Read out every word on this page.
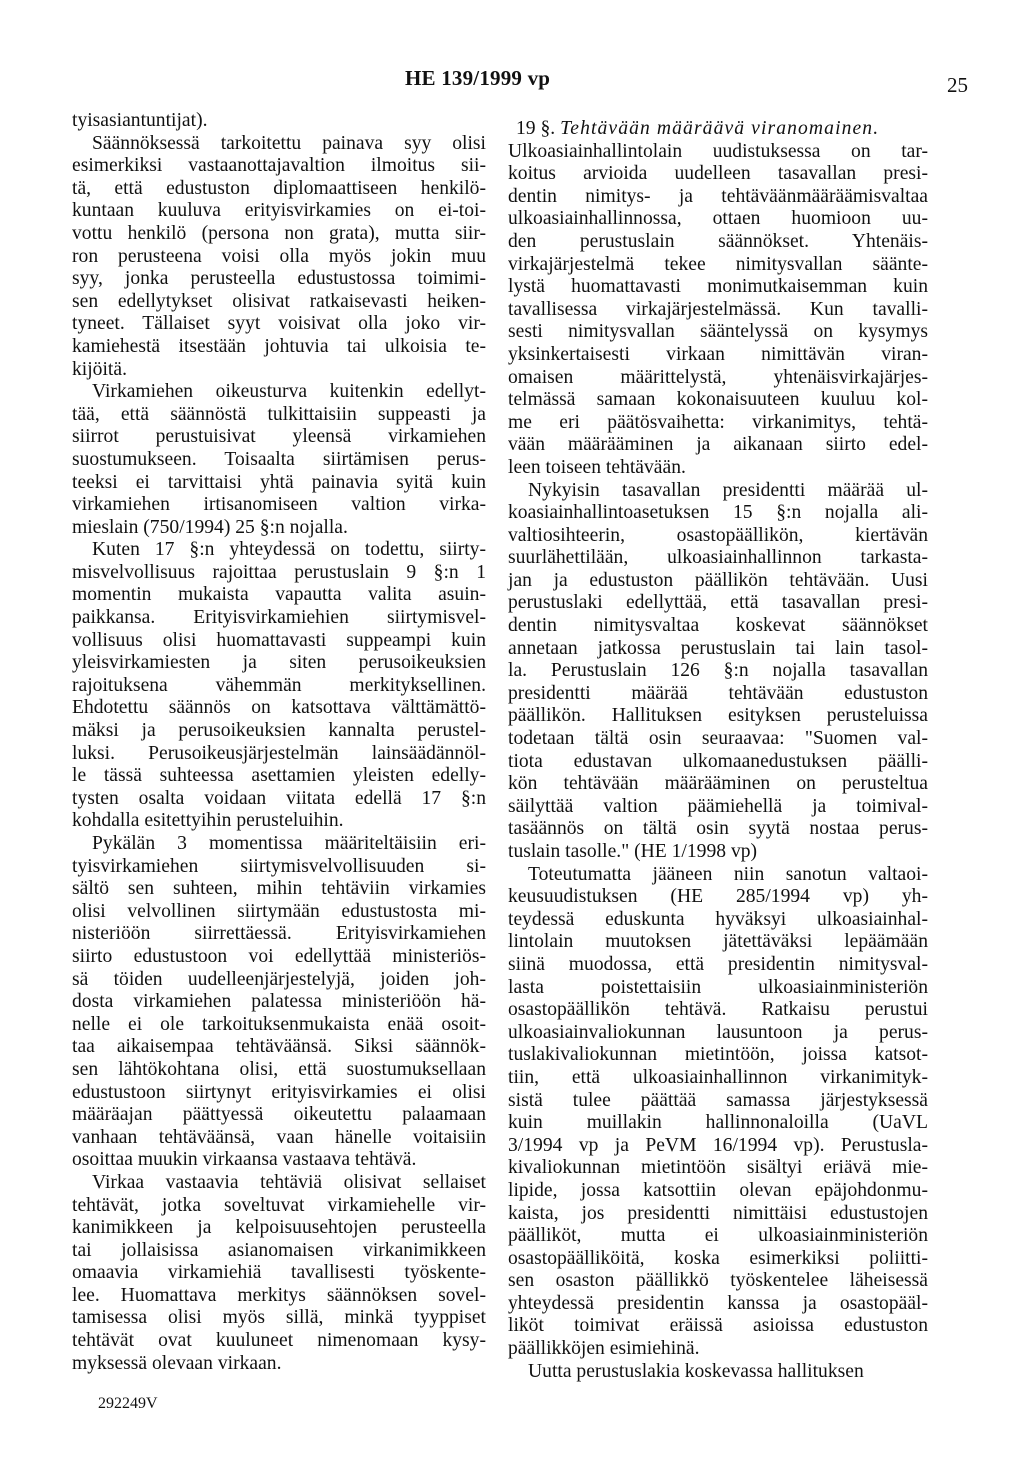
HE 139/1999 vp	25
tyisasiantuntijat).
Säännöksessä tarkoitettu painava syy olisi
esimerkiksi vastaanottajavaltion ilmoitus sii-
tä, että edustuston diplomaattiseen henkilö-
kuntaan kuuluva erityisvirkamies on ei-toi-
vottu henkilö (persona non grata), mutta siir-
ron perusteena voisi olla myös jokin muu
syy, jonka perusteella edustustossa toimimi-
sen edellytykset olisivat ratkaisevasti heiken-
tyneet. Tällaiset syyt voisivat olla joko vir-
kamiehestä itsestään johtuvia tai ulkoisia te-
kijöitä.
Virkamiehen oikeusturva kuitenkin edellyt-
tää, että säännöstä tulkittaisiin suppeasti ja
siirrot perustuisivat yleensä virkamiehen
suostumukseen. Toisaalta siirtämisen perus-
teeksi ei tarvittaisi yhtä painavia syitä kuin
virkamiehen irtisanomiseen valtion virka-
mieslain (750/1994) 25 §:n nojalla.
Kuten 17 §:n yhteydessä on todettu, siirty-
misvelvollisuus rajoittaa perustuslain 9 §:n 1
momentin mukaista vapautta valita asuin-
paikkansa. Erityisvirkamiehien siirtymisvel-
vollisuus olisi huomattavasti suppeampi kuin
yleisvirkamiesten ja siten perusoikeuksien
rajoituksena vähemmän merkityksellinen.
Ehdotettu säännös on katsottava välttämättö-
mäksi ja perusoikeuksien kannalta perustel-
luksi. Perusoikeusjärjestelmän lainsäädännöl-
le tässä suhteessa asettamien yleisten edelly-
tysten osalta voidaan viitata edellä 17 §:n
kohdalla esitettyihin perusteluihin.
Pykälän 3 momentissa määriteltäisiin eri-
tyisvirkamiehen siirtymisvelvollisuuden si-
sältö sen suhteen, mihin tehtäviin virkamies
olisi velvollinen siirtymään edustustosta mi-
nisteriöön siirrettäessä. Erityisvirkamiehen
siirto edustustoon voi edellyttää ministeriös-
sä töiden uudelleenjärjestelyjä, joiden joh-
dosta virkamiehen palatessa ministeriöön hä-
nelle ei ole tarkoituksenmukaista enää osoit-
taa aikaisempaa tehtäväänsä. Siksi säännök-
sen lähtökohtana olisi, että suostumuksellaan
edustustoon siirtynyt erityisvirkamies ei olisi
määräajan päättyessä oikeutettu palaamaan
vanhaan tehtäväänsä, vaan hänelle voitaisiin
osoittaa muukin virkaansa vastaava tehtävä.
Virkaa vastaavia tehtäviä olisivat sellaiset
tehtävät, jotka soveltuvat virkamiehelle vir-
kanimikkeen ja kelpoisuusehtojen perusteella
tai jollaisissa asianomaisen virkanimikkeen
omaavia virkamiehiä tavallisesti työskente-
lee. Huomattava merkitys säännöksen sovel-
tamisessa olisi myös sillä, minkä tyyppiset
tehtävät ovat kuuluneet nimenomaan kysy-
myksessä olevaan virkaan.
19 §. Tehtävään määräävä viranomainen.
Ulkoasiainhallintolain uudistuksessa on tar-
koitus arvioida uudelleen tasavallan presi-
dentin nimitys- ja tehtäväänmääräämisvaltaa
ulkoasiainhallinnossa, ottaen huomioon uu-
den perustuslain säännökset. Yhtenäis-
virkajärjestelmä tekee nimitysvallan säänte-
lystä huomattavasti monimutkaisemman kuin
tavallisessa virkajärjestelmässä. Kun tavalli-
sesti nimitysvallan sääntelyssä on kysymys
yksinkertaisesti virkaan nimittävän viran-
omaisen määrittelystä, yhtenäisvirkajärjes-
telmässä samaan kokonaisuuteen kuuluu kol-
me eri päätösvaihetta: virkanimitys, tehtä-
vään määrääminen ja aikanaan siirto edel-
leen toiseen tehtävään.
Nykyisin tasavallan presidentti määrää ul-
koasiainhallintoasetuksen 15 §:n nojalla ali-
valtiosihteerin, osastopäällikön, kiertävän
suurlähettilään, ulkoasiainhallinnon tarkasta-
jan ja edustuston päällikön tehtävään. Uusi
perustuslaki edellyttää, että tasavallan presi-
dentin nimitysvaltaa koskevat säännökset
annetaan jatkossa perustuslain tai lain tasol-
la. Perustuslain 126 §:n nojalla tasavallan
presidentti määrää tehtävään edustuston
päällikön. Hallituksen esityksen perusteluissa
todetaan tältä osin seuraavaa: "Suomen val-
tiota edustavan ulkomaanedustuksen päälli-
kön tehtävään määrääminen on perusteltua
säilyttää valtion päämiehellä ja toimival-
tasäännös on tältä osin syytä nostaa perus-
tuslain tasolle." (HE 1/1998 vp)
Toteutumatta jääneen niin sanotun valtaoi-
keusuudistuksen (HE 285/1994 vp) yh-
teydessä eduskunta hyväksyi ulkoasiainhal-
lintolain muutoksen jätettäväksi lepäämään
siinä muodossa, että presidentin nimitysval-
lasta poistettaisiin ulkoasiainministeriön
osastopäällikön tehtävä. Ratkaisu perustui
ulkoasiainvaliokunnan lausuntoon ja perus-
tuslakivaliokunnan mietintöön, joissa katsot-
tiin, että ulkoasiainhallinnon virkanimityk-
sistä tulee päättää samassa järjestyksessä
kuin muillakin hallinnonaloilla (UaVL
3/1994 vp ja PeVM 16/1994 vp). Perustusla-
kivaliokunnan mietintöön sisältyi eriävä mie-
lipide, jossa katsottiin olevan epäjohdonmu-
kaista, jos presidentti nimittäisi edustustojen
päälliköt, mutta ei ulkoasiainministeriön
osastopäälliköitä, koska esimerkiksi poliitti-
sen osaston päällikkö työskentelee läheisessä
yhteydessä presidentin kanssa ja osastopääl-
liköt toimivat eräissä asioissa edustuston
päällikköjen esimiehinä.
Uutta perustuslakia koskevassa hallituksen
292249V
